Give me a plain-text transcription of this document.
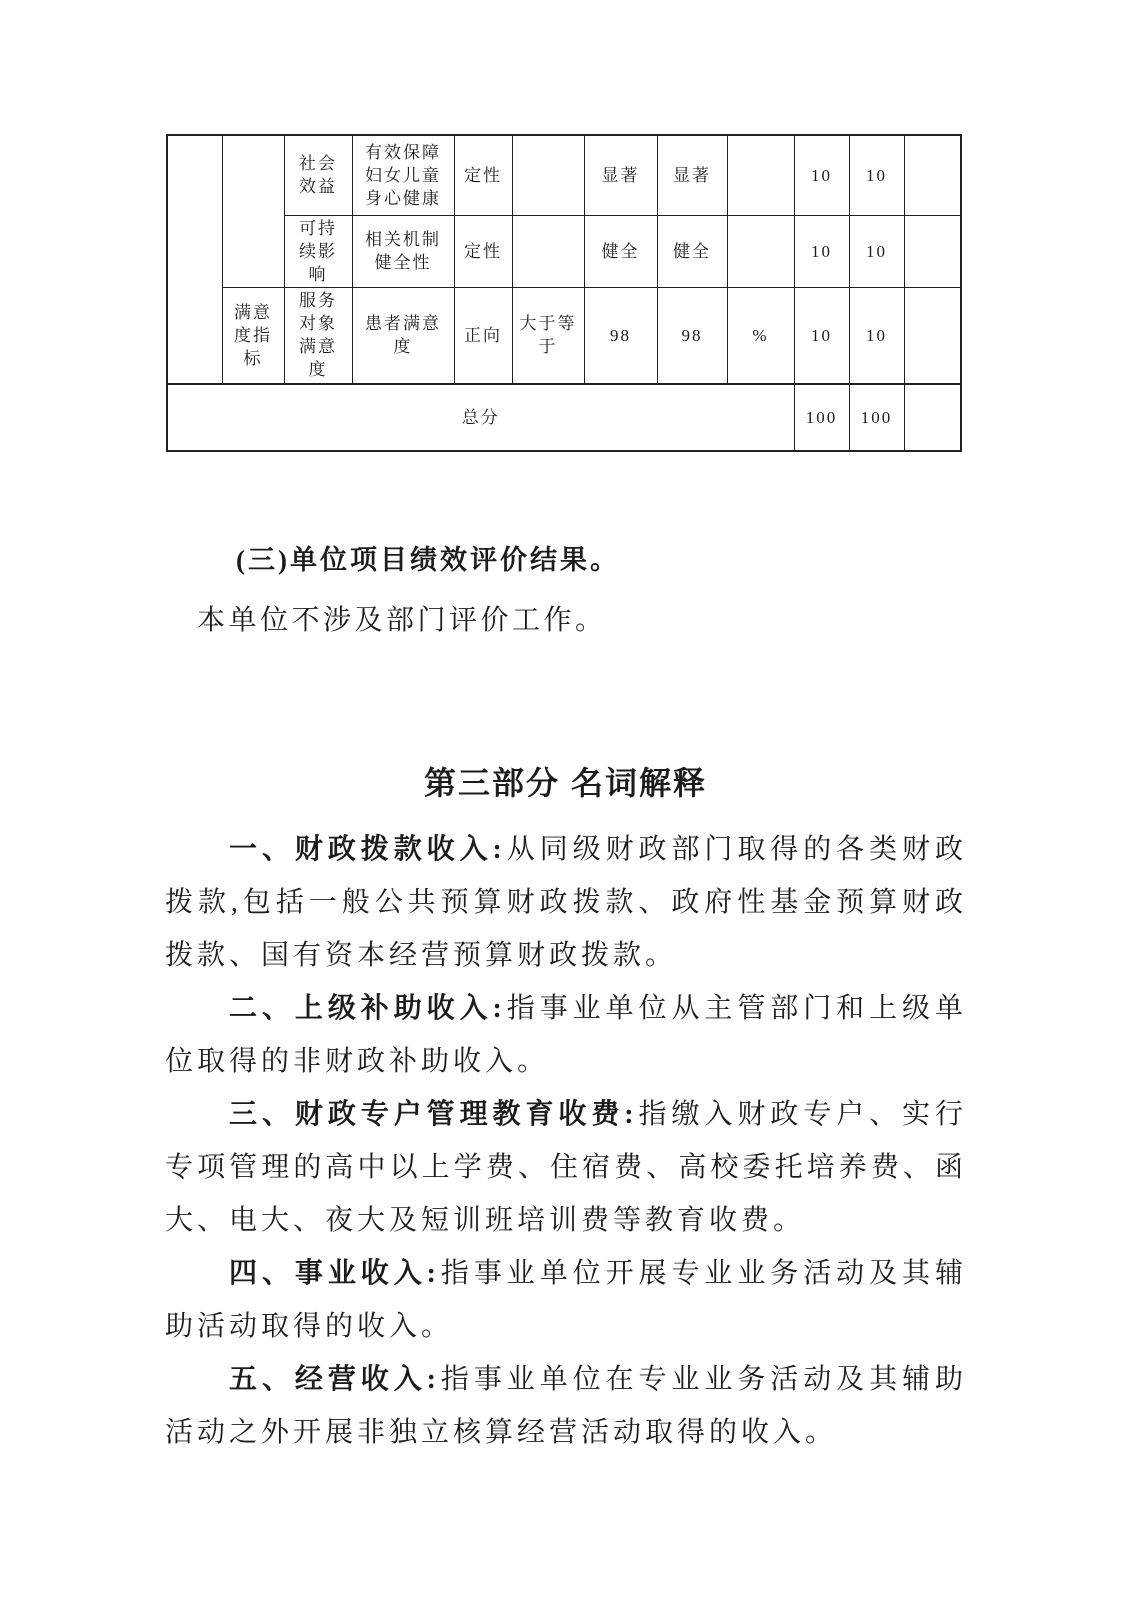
		社会效益	有效保障妇女儿童身心健康	定性		显著	显著		10	10	
		可持续影响	相关机制健全性	定性		健全	健全		10	10	
	满意度指标	服务对象满意度	患者满意度	正向	大于等于	98	98	%	10	10	
总分									100	100	
(三)单位项目绩效评价结果。
本单位不涉及部门评价工作。
第三部分 名词解释

一、财政拨款收入:从同级财政部门取得的各类财政拨款,包括一般公共预算财政拨款、政府性基金预算财政拨款、国有资本经营预算财政拨款。

二、上级补助收入:指事业单位从主管部门和上级单位取得的非财政补助收入。

三、财政专户管理教育收费:指缴入财政专户、实行专项管理的高中以上学费、住宿费、高校委托培养费、函大、电大、夜大及短训班培训费等教育收费。

四、事业收入:指事业单位开展专业业务活动及其辅助活动取得的收入。

五、经营收入:指事业单位在专业业务活动及其辅助活动之外开展非独立核算经营活动取得的收入。
